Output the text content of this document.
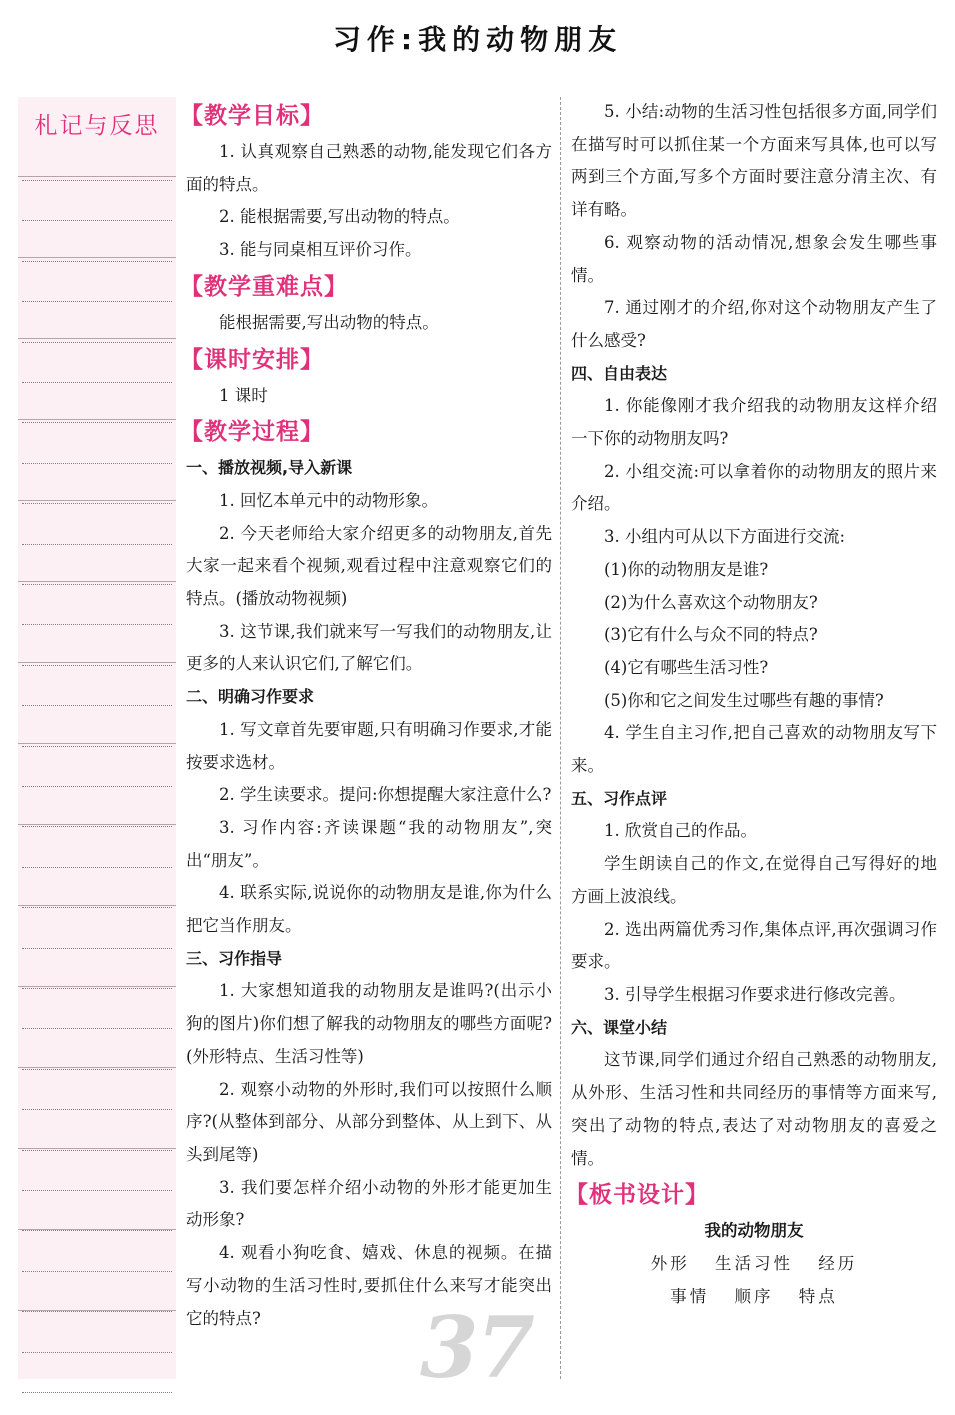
习作:我的动物朋友
札记与反思 【教学目标】

1. 认真观察自己熟悉的动物,能发现它们各方面的特点。

2. 能根据需要,写出动物的特点。

3. 能与同桌相互评价习作。

【教学重难点】

能根据需要,写出动物的特点。

【课时安排】

1 课时

【教学过程】

一、播放视频,导入新课

1. 回忆本单元中的动物形象。

2. 今天老师给大家介绍更多的动物朋友,首先大家一起来看个视频,观看过程中注意观察它们的特点。(播放动物视频)

3. 这节课,我们就来写一写我们的动物朋友,让更多的人来认识它们,了解它们。

二、明确习作要求

1. 写文章首先要审题,只有明确习作要求,才能按要求选材。

2. 学生读要求。提问:你想提醒大家注意什么?

3. 习作内容:齐读课题“我的动物朋友”,突出“朋友”。

4. 联系实际,说说你的动物朋友是谁,你为什么把它当作朋友。

三、习作指导

1. 大家想知道我的动物朋友是谁吗?(出示小狗的图片)你们想了解我的动物朋友的哪些方面呢?(外形特点、生活习性等)

2. 观察小动物的外形时,我们可以按照什么顺序?(从整体到部分、从部分到整体、从上到下、从头到尾等)

3. 我们要怎样介绍小动物的外形才能更加生动形象?

4. 观看小狗吃食、嬉戏、休息的视频。在描写小动物的生活习性时,要抓住什么来写才能突出它的特点?

5. 小结:动物的生活习性包括很多方面,同学们在描写时可以抓住某一个方面来写具体,也可以写两到三个方面,写多个方面时要注意分清主次、有详有略。

6. 观察动物的活动情况,想象会发生哪些事情。

7. 通过刚才的介绍,你对这个动物朋友产生了什么感受?

四、自由表达

1. 你能像刚才我介绍我的动物朋友这样介绍一下你的动物朋友吗?

2. 小组交流:可以拿着你的动物朋友的照片来介绍。

3. 小组内可从以下方面进行交流:

(1)你的动物朋友是谁?

(2)为什么喜欢这个动物朋友?

(3)它有什么与众不同的特点?

(4)它有哪些生活习性?

(5)你和它之间发生过哪些有趣的事情?

4. 学生自主习作,把自己喜欢的动物朋友写下来。

五、习作点评

1. 欣赏自己的作品。

学生朗读自己的作文,在觉得自己写得好的地方画上波浪线。

2. 选出两篇优秀习作,集体点评,再次强调习作要求。

3. 引导学生根据习作要求进行修改完善。

六、课堂小结

这节课,同学们通过介绍自己熟悉的动物朋友,从外形、生活习性和共同经历的事情等方面来写,突出了动物的特点,表达了对动物朋友的喜爱之情。

【板书设计】

我的动物朋友

外形 生活习性 经历

事情 顺序 特点

37
